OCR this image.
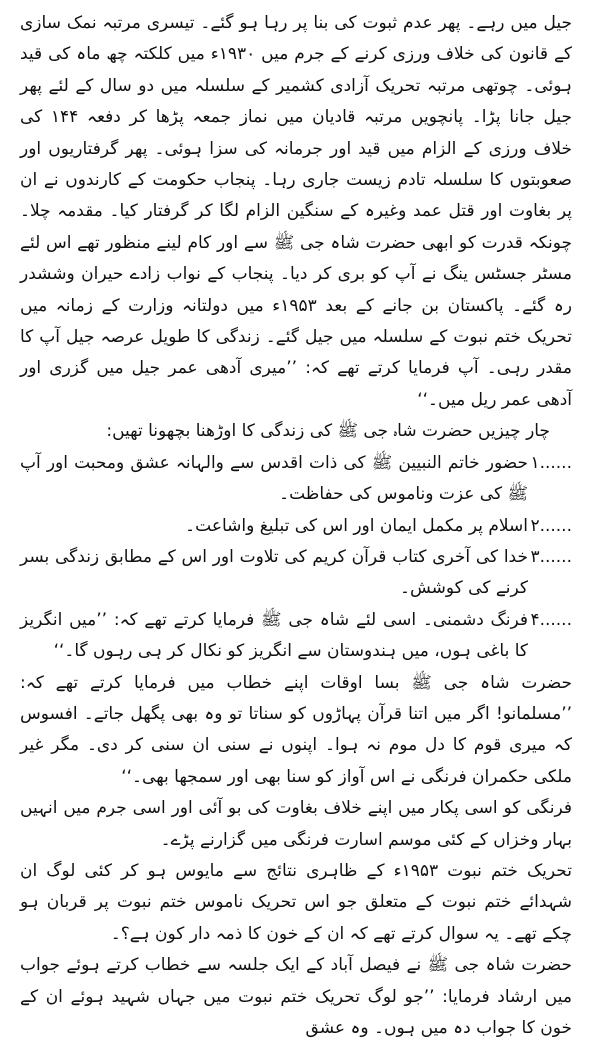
جیل میں رہے۔ پھر عدم ثبوت کی بنا پر رہا ہو گئے۔ تیسری مرتبہ نمک سازی کے قانون کی خلاف ورزی کرنے کے جرم میں ۱۹۳۰ء میں کلکتہ چھ ماہ کی قید ہوئی۔ چوتھی مرتبہ تحریک آزادی کشمیر کے سلسلہ میں دو سال کے لئے پھر جیل جانا پڑا۔ پانچویں مرتبہ قادیان میں نماز جمعہ پڑھا کر دفعہ ۱۴۴ کی خلاف ورزی کے الزام میں قید اور جرمانہ کی سزا ہوئی۔ پھر گرفتاریوں اور صعوبتوں کا سلسلہ تادم زیست جاری رہا۔ پنجاب حکومت کے کارندوں نے ان پر بغاوت اور قتل عمد وغیرہ کے سنگین الزام لگا کر گرفتار کیا۔ مقدمہ چلا۔ چونکہ قدرت کو ابھی حضرت شاہ جی ﷺ سے اور کام لینے منظور تھے اس لئے مسٹر جسٹس ینگ نے آپ کو بری کر دیا۔ پنجاب کے نواب زادے حیران وششدر رہ گئے۔ پاکستان بن جانے کے بعد ۱۹۵۳ء میں دولتانہ وزارت کے زمانہ میں تحریک ختم نبوت کے سلسلہ میں جیل گئے۔ زندگی کا طویل عرصہ جیل آپ کا مقدر رہی۔ آپ فرمایا کرتے تھے کہ: ’’میری آدھی عمر جیل میں گزری اور آدھی عمر ریل میں۔‘‘

چار چیزیں حضرت شاہ جی ﷺ کی زندگی کا اوڑھنا بچھونا تھیں:

۱......
حضور خاتم النبیین ﷺ کی ذات اقدس سے والہانہ عشق ومحبت اور آپ ﷺ کی عزت وناموس کی حفاظت۔
۲......
اسلام پر مکمل ایمان اور اس کی تبلیغ واشاعت۔
۳......
خدا کی آخری کتاب قرآن کریم کی تلاوت اور اس کے مطابق زندگی بسر کرنے کی کوشش۔
۴......
فرنگ دشمنی۔ اسی لئے شاہ جی ﷺ فرمایا کرتے تھے کہ: ’’میں انگریز کا باغی ہوں، میں ہندوستان سے انگریز کو نکال کر ہی رہوں گا۔‘‘

حضرت شاہ جی ﷺ بسا اوقات اپنے خطاب میں فرمایا کرتے تھے کہ: ’’مسلمانو! اگر میں اتنا قرآن پہاڑوں کو سناتا تو وہ بھی پگھل جاتے۔ افسوس کہ میری قوم کا دل موم نہ ہوا۔ اپنوں نے سنی ان سنی کر دی۔ مگر غیر ملکی حکمران فرنگی نے اس آواز کو سنا بھی اور سمجھا بھی۔‘‘

فرنگی کو اسی پکار میں اپنے خلاف بغاوت کی بو آئی اور اسی جرم میں انہیں بہار وخزاں کے کئی موسم اسارت فرنگی میں گزارنے پڑے۔

تحریک ختم نبوت ۱۹۵۳ء کے ظاہری نتائج سے مایوس ہو کر کئی لوگ ان شہدائے ختم نبوت کے متعلق جو اس تحریک ناموس ختم نبوت پر قربان ہو چکے تھے۔ یہ سوال کرتے تھے کہ ان کے خون کا ذمہ دار کون ہے؟۔

حضرت شاہ جی ﷺ نے فیصل آباد کے ایک جلسہ سے خطاب کرتے ہوئے جواب میں ارشاد فرمایا: ’’جو لوگ تحریک ختم نبوت میں جہاں شہید ہوئے ان کے خون کا جواب دہ میں ہوں۔ وہ عشق
